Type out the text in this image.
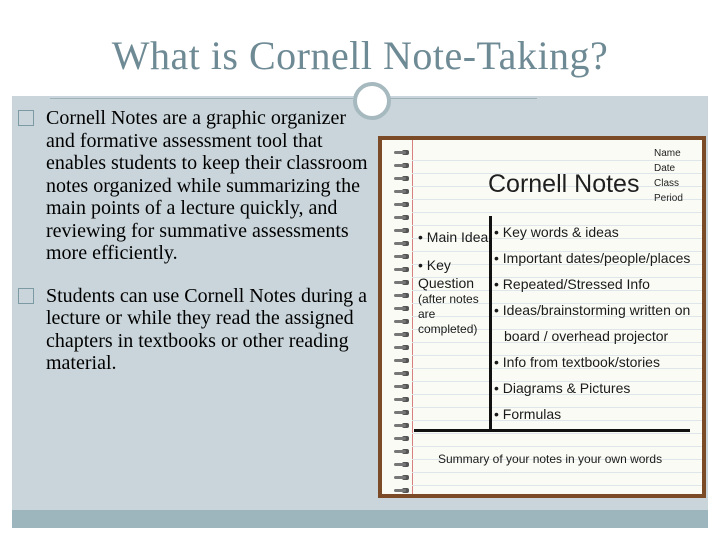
What is Cornell Note-Taking?
Cornell Notes are a graphic organizer and formative assessment tool that enables students to keep their classroom notes organized while summarizing the main points of a lecture quickly, and reviewing for summative assessments more efficiently.
Students can use Cornell Notes during a lecture or while they read the assigned chapters in textbooks or other reading material.
Name
Date
Class
Period
Cornell Notes
• Main Idea
• Key
Question
(after notes
are
completed)
• Key words & ideas
• Important dates/people/places
• Repeated/Stressed Info
• Ideas/brainstorming written on
board / overhead projector
• Info from textbook/stories
• Diagrams & Pictures
• Formulas
Summary of your notes in your own words
